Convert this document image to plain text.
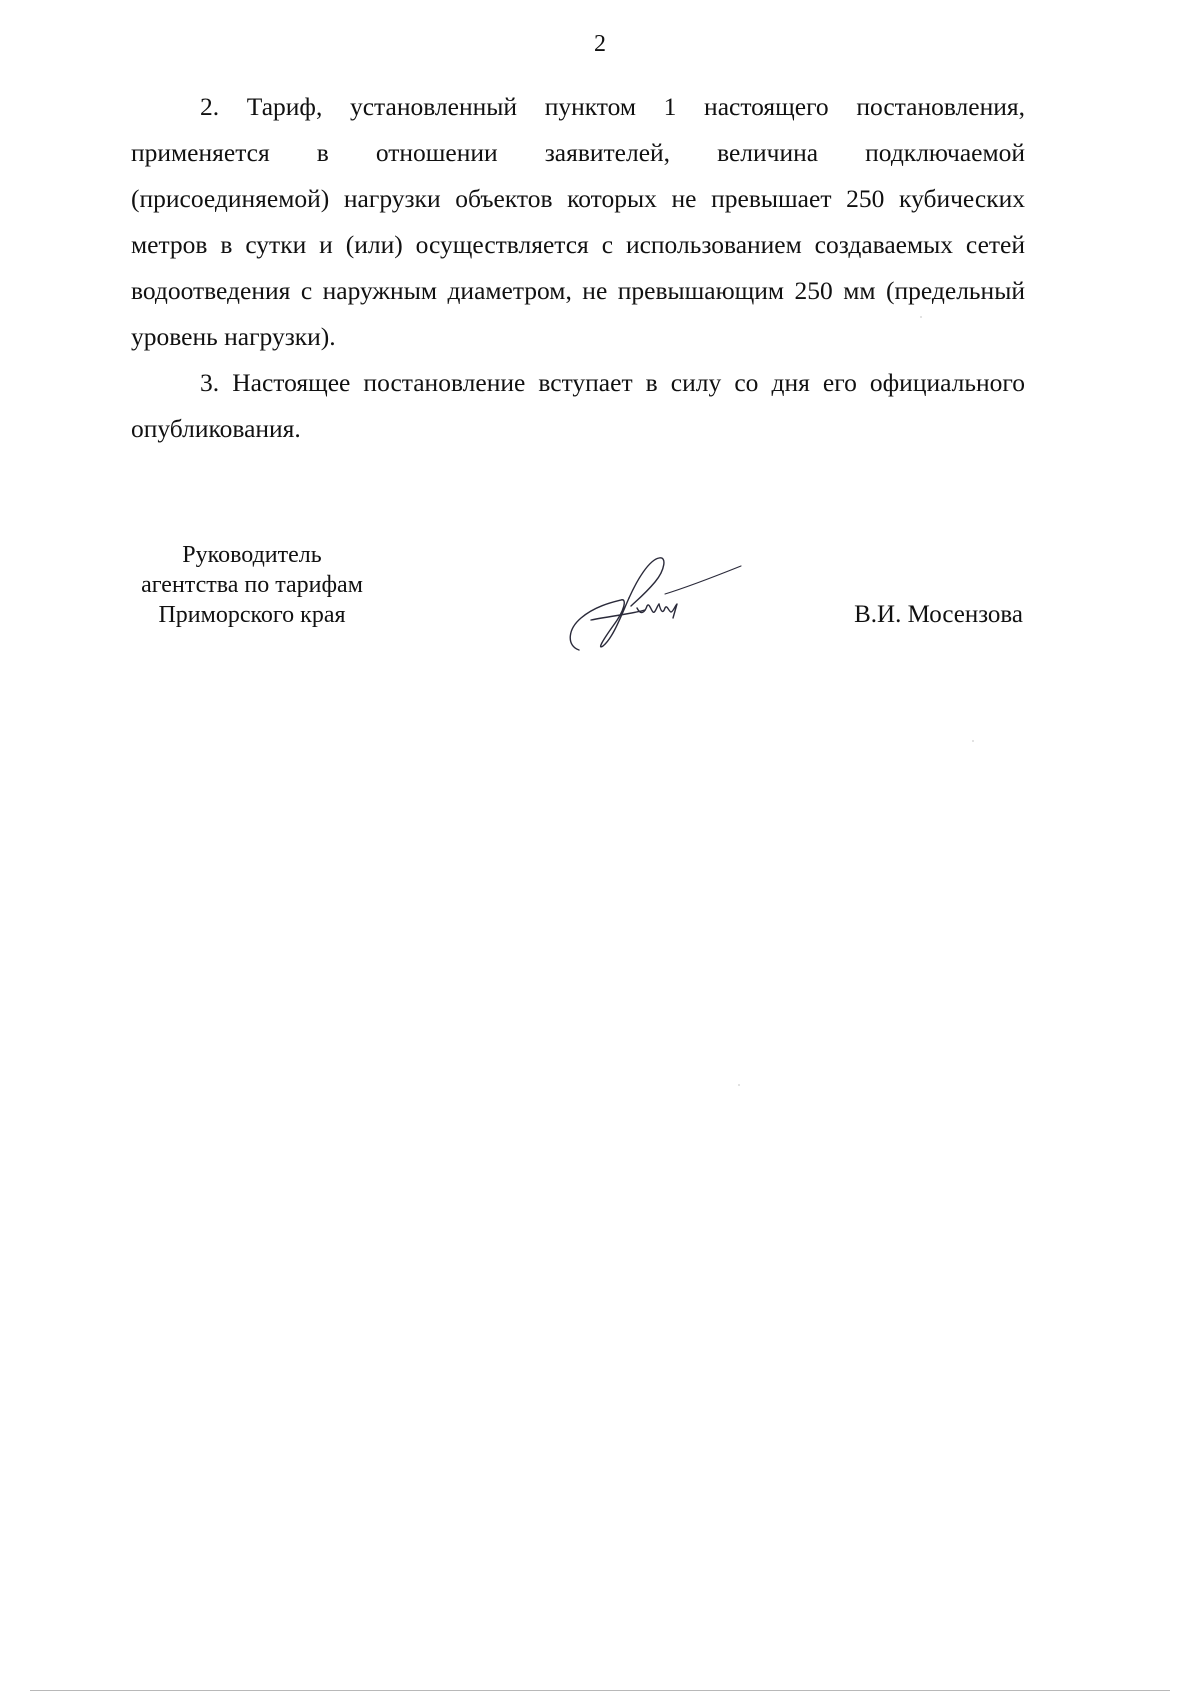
2

2. Тариф, установленный пунктом 1 настоящего постановления, применяется в отношении заявителей, величина подключаемой (присоединяемой) нагрузки объектов которых не превышает 250 кубических метров в сутки и (или) осуществляется с использованием создаваемых сетей водоотведения с наружным диаметром, не превышающим 250 мм (предельный уровень нагрузки).

3. Настоящее постановление вступает в силу со дня его официального опубликования.

Руководитель
агентства по тарифам
Приморского края	В.И. Мосензова
